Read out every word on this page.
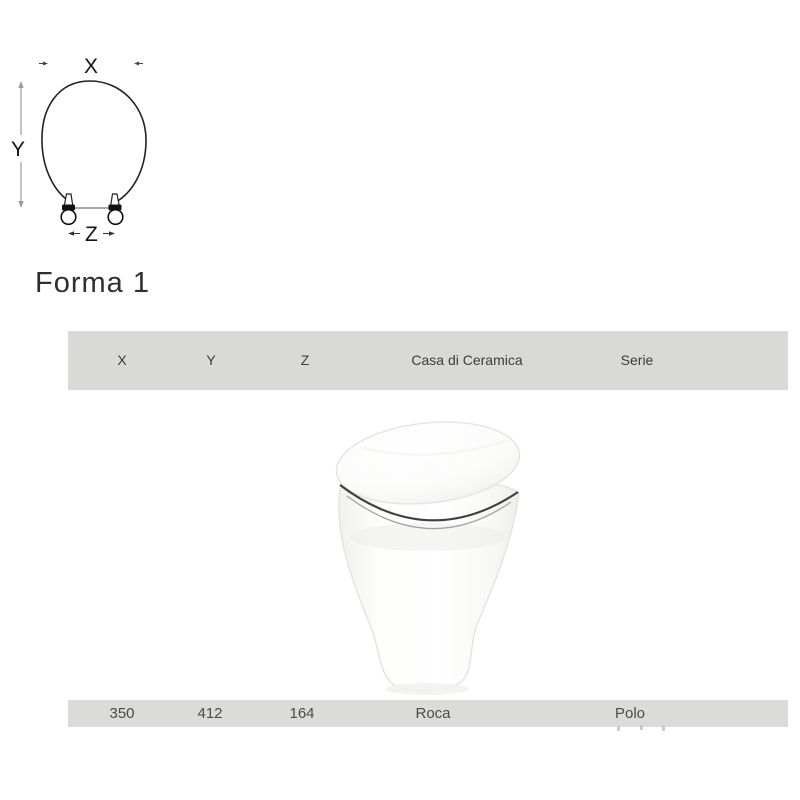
X
Y
Z
Forma 1
X	Y	Z	Casa di Ceramica	Serie
350	412	164	Roca	Polo
